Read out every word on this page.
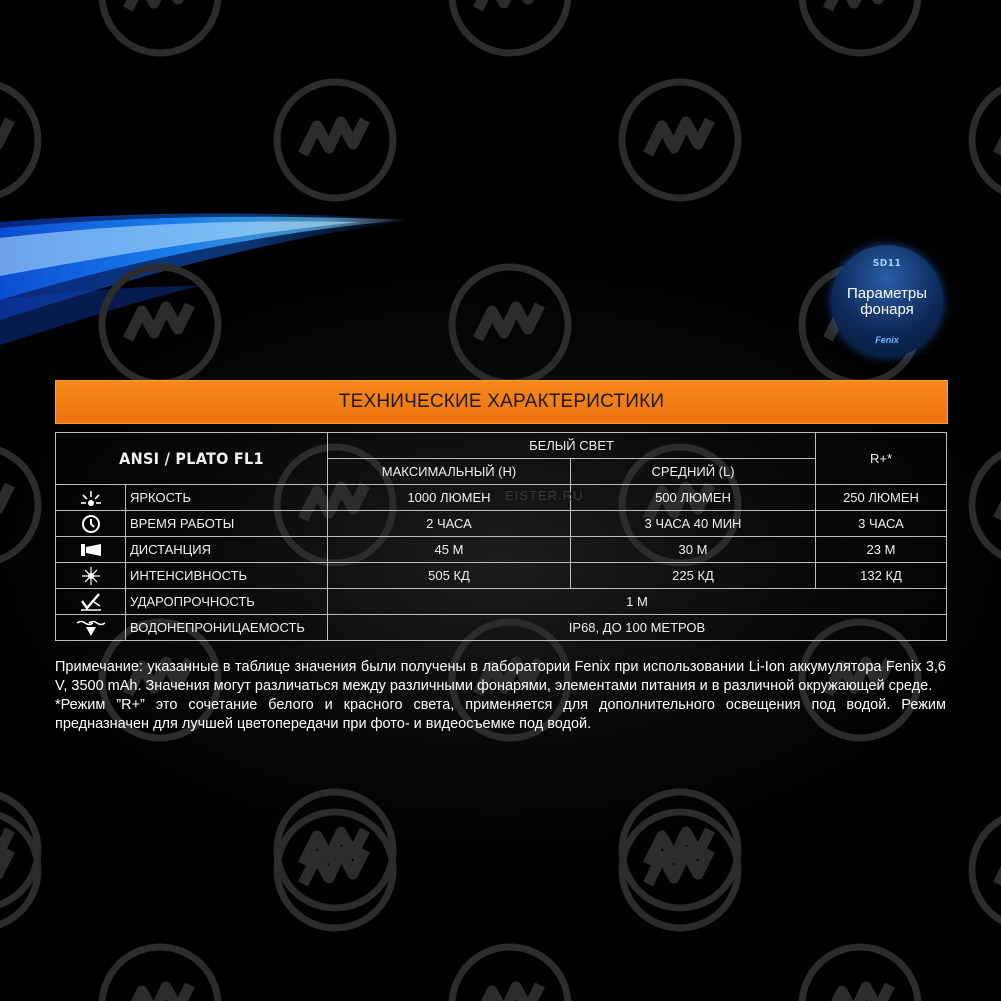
SD11
Параметры фонаря
Fenix
ТЕХНИЧЕСКИЕ ХАРАКТЕРИСТИКИ
ANSI / PLATO FL1		БЕЛЫЙ СВЕТ		R+*
		МАКСИМАЛЬНЫЙ (H)	СРЕДНИЙ (L)	

	ЯРКОСТЬ	1000 ЛЮМЕН	500 ЛЮМЕН	250 ЛЮМЕН

	ВРЕМЯ РАБОТЫ	2 ЧАСА	3 ЧАСА 40 МИН	3 ЧАСА

	ДИСТАНЦИЯ	45 М	30 М	23 М

	ИНТЕНСИВНОСТЬ	505 КД	225 КД	132 КД

	УДАРОПРОЧНОСТЬ	1 М		

	ВОДОНЕПРОНИЦАЕМОСТЬ	IP68, ДО 100 МЕТРОВ		
EISTER.RU

Примечание: указанные в таблице значения были получены в лаборатории Fenix при использовании Li-Ion аккумулятора Fenix 3,6 V, 3500 mAh. Значения могут различаться между различными фонарями, элементами питания и в различной окружающей среде.

*Режим ”R+” это сочетание белого и красного света, применяется для дополнительного освещения под водой. Режим предназначен для лучшей цветопередачи при фото- и видеосъемке под водой.
